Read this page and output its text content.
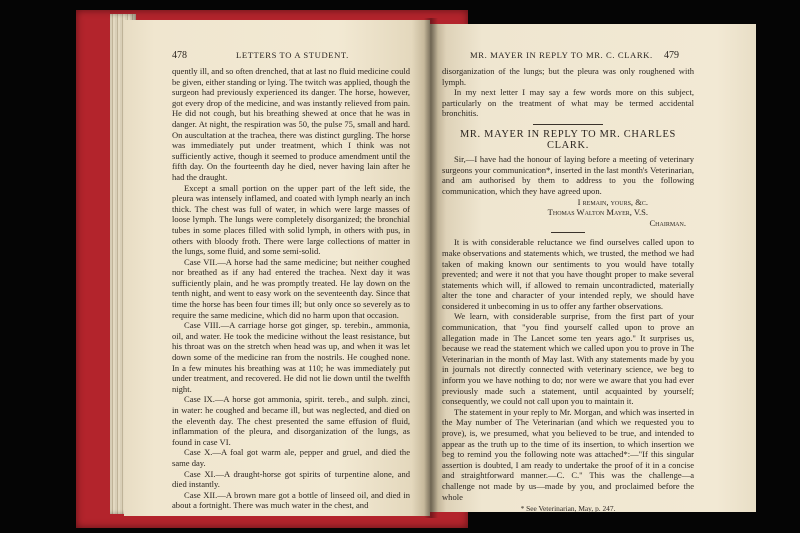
478	LETTERS TO A STUDENT.

quently ill, and so often drenched, that at last no fluid medicine could be given, either standing or lying. The twitch was applied, though the surgeon had previously experienced its danger. The horse, however, got every drop of the medicine, and was instantly relieved from pain. He did not cough, but his breathing shewed at once that he was in danger. At night, the respiration was 50, the pulse 75, small and hard. On auscultation at the trachea, there was distinct gurgling. The horse was immediately put under treatment, which I think was not sufficiently active, though it seemed to produce amendment until the fifth day. On the fourteenth day he died, never having lain after he had the draught.

Except a small portion on the upper part of the left side, the pleura was intensely inflamed, and coated with lymph nearly an inch thick. The chest was full of water, in which were large masses of loose lymph. The lungs were completely disorganized; the bronchial tubes in some places filled with solid lymph, in others with pus, in others with bloody froth. There were large collections of matter in the lungs, some fluid, and some semi-solid.

Case VII.—A horse had the same medicine; but neither coughed nor breathed as if any had entered the trachea. Next day it was sufficiently plain, and he was promptly treated. He lay down on the tenth night, and went to easy work on the seventeenth day. Since that time the horse has been four times ill; but only once so severely as to require the same medicine, which did no harm upon that occasion.

Case VIII.—A carriage horse got ginger, sp. terebin., ammonia, oil, and water. He took the medicine without the least resistance, but his throat was on the stretch when head was up, and when it was let down some of the medicine ran from the nostrils. He coughed none. In a few minutes his breathing was at 110; he was immediately put under treatment, and recovered. He did not lie down until the twelfth night.

Case IX.—A horse got ammonia, spirit. tereb., and sulph. zinci, in water: he coughed and became ill, but was neglected, and died on the eleventh day. The chest presented the same effusion of fluid, inflammation of the pleura, and disorganization of the lungs, as found in case VI.

Case X.—A foal got warm ale, pepper and gruel, and died the same day.

Case XI.—A draught-horse got spirits of turpentine alone, and died instantly.

Case XII.—A brown mare got a bottle of linseed oil, and died in about a fortnight. There was much water in the chest, and

MR. MAYER IN REPLY TO MR. C. CLARK.	479

disorganization of the lungs; but the pleura was only roughened with lymph.

In my next letter I may say a few words more on this subject, particularly on the treatment of what may be termed accidental bronchitis.

MR. MAYER IN REPLY TO MR. CHARLES CLARK.

Sir,—I have had the honour of laying before a meeting of veterinary surgeons your communication*, inserted in the last month's Veterinarian, and am authorised by them to address to you the following communication, which they have agreed upon.

I remain, yours, &c.
Thomas Walton Mayer, V.S.
Chairman.

It is with considerable reluctance we find ourselves called upon to make observations and statements which, we trusted, the method we had taken of making known our sentiments to you would have totally prevented; and were it not that you have thought proper to make several statements which will, if allowed to remain uncontradicted, materially alter the tone and character of your intended reply, we should have considered it unbecoming in us to offer any farther observations.

We learn, with considerable surprise, from the first part of your communication, that "you find yourself called upon to prove an allegation made in The Lancet some ten years ago." It surprises us, because we read the statement which we called upon you to prove in The Veterinarian in the month of May last. With any statements made by you in journals not directly connected with veterinary science, we beg to inform you we have nothing to do; nor were we aware that you had ever previously made such a statement, until acquainted by yourself; consequently, we could not call upon you to maintain it.

The statement in your reply to Mr. Morgan, and which was inserted in the May number of The Veterinarian (and which we requested you to prove), is, we presumed, what you believed to be true, and intended to appear as the truth up to the time of its insertion, to which insertion we beg to remind you the following note was attached*:—"If this singular assertion is doubted, I am ready to undertake the proof of it in a concise and straightforward manner.—C. C." This was the challenge—a challenge not made by us—made by you, and proclaimed before the whole

* See Veterinarian, May, p. 247.
